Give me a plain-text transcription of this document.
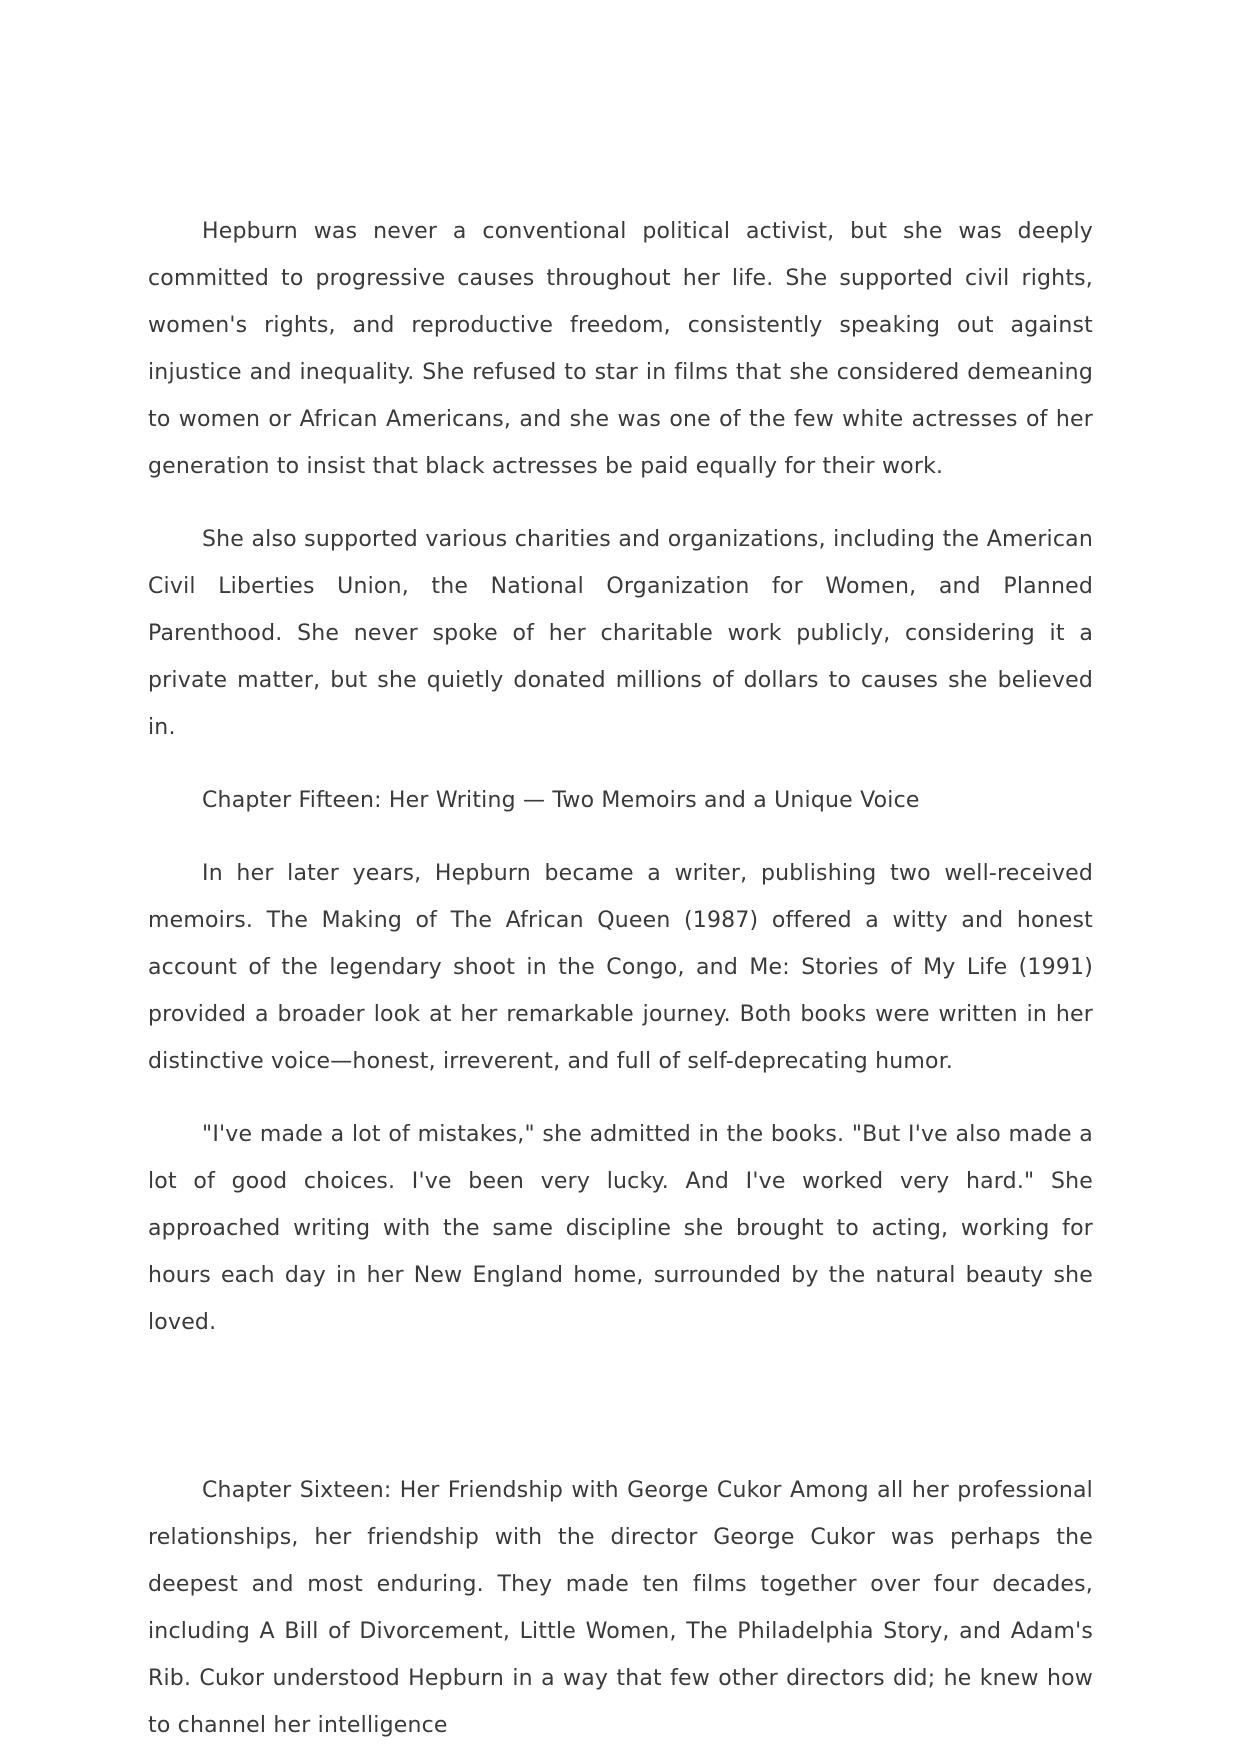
Hepburn was never a conventional political activist, but she was deeply committed to progressive causes throughout her life. She supported civil rights, women's rights, and reproductive freedom, consistently speaking out against injustice and inequality. She refused to star in films that she considered demeaning to women or African Americans, and she was one of the few white actresses of her generation to insist that black actresses be paid equally for their work.

She also supported various charities and organizations, including the American Civil Liberties Union, the National Organization for Women, and Planned Parenthood. She never spoke of her charitable work publicly, considering it a private matter, but she quietly donated millions of dollars to causes she believed in.

Chapter Fifteen: Her Writing — Two Memoirs and a Unique Voice

In her later years, Hepburn became a writer, publishing two well-received memoirs. The Making of The African Queen (1987) offered a witty and honest account of the legendary shoot in the Congo, and Me: Stories of My Life (1991) provided a broader look at her remarkable journey. Both books were written in her distinctive voice—honest, irreverent, and full of self-deprecating humor.

"I've made a lot of mistakes," she admitted in the books. "But I've also made a lot of good choices. I've been very lucky. And I've worked very hard." She approached writing with the same discipline she brought to acting, working for hours each day in her New England home, surrounded by the natural beauty she loved.

Chapter Sixteen: Her Friendship with George Cukor Among all her professional relationships, her friendship with the director George Cukor was perhaps the deepest and most enduring. They made ten films together over four decades, including A Bill of Divorcement, Little Women, The Philadelphia Story, and Adam's Rib. Cukor understood Hepburn in a way that few other directors did; he knew how to channel her intelligence
